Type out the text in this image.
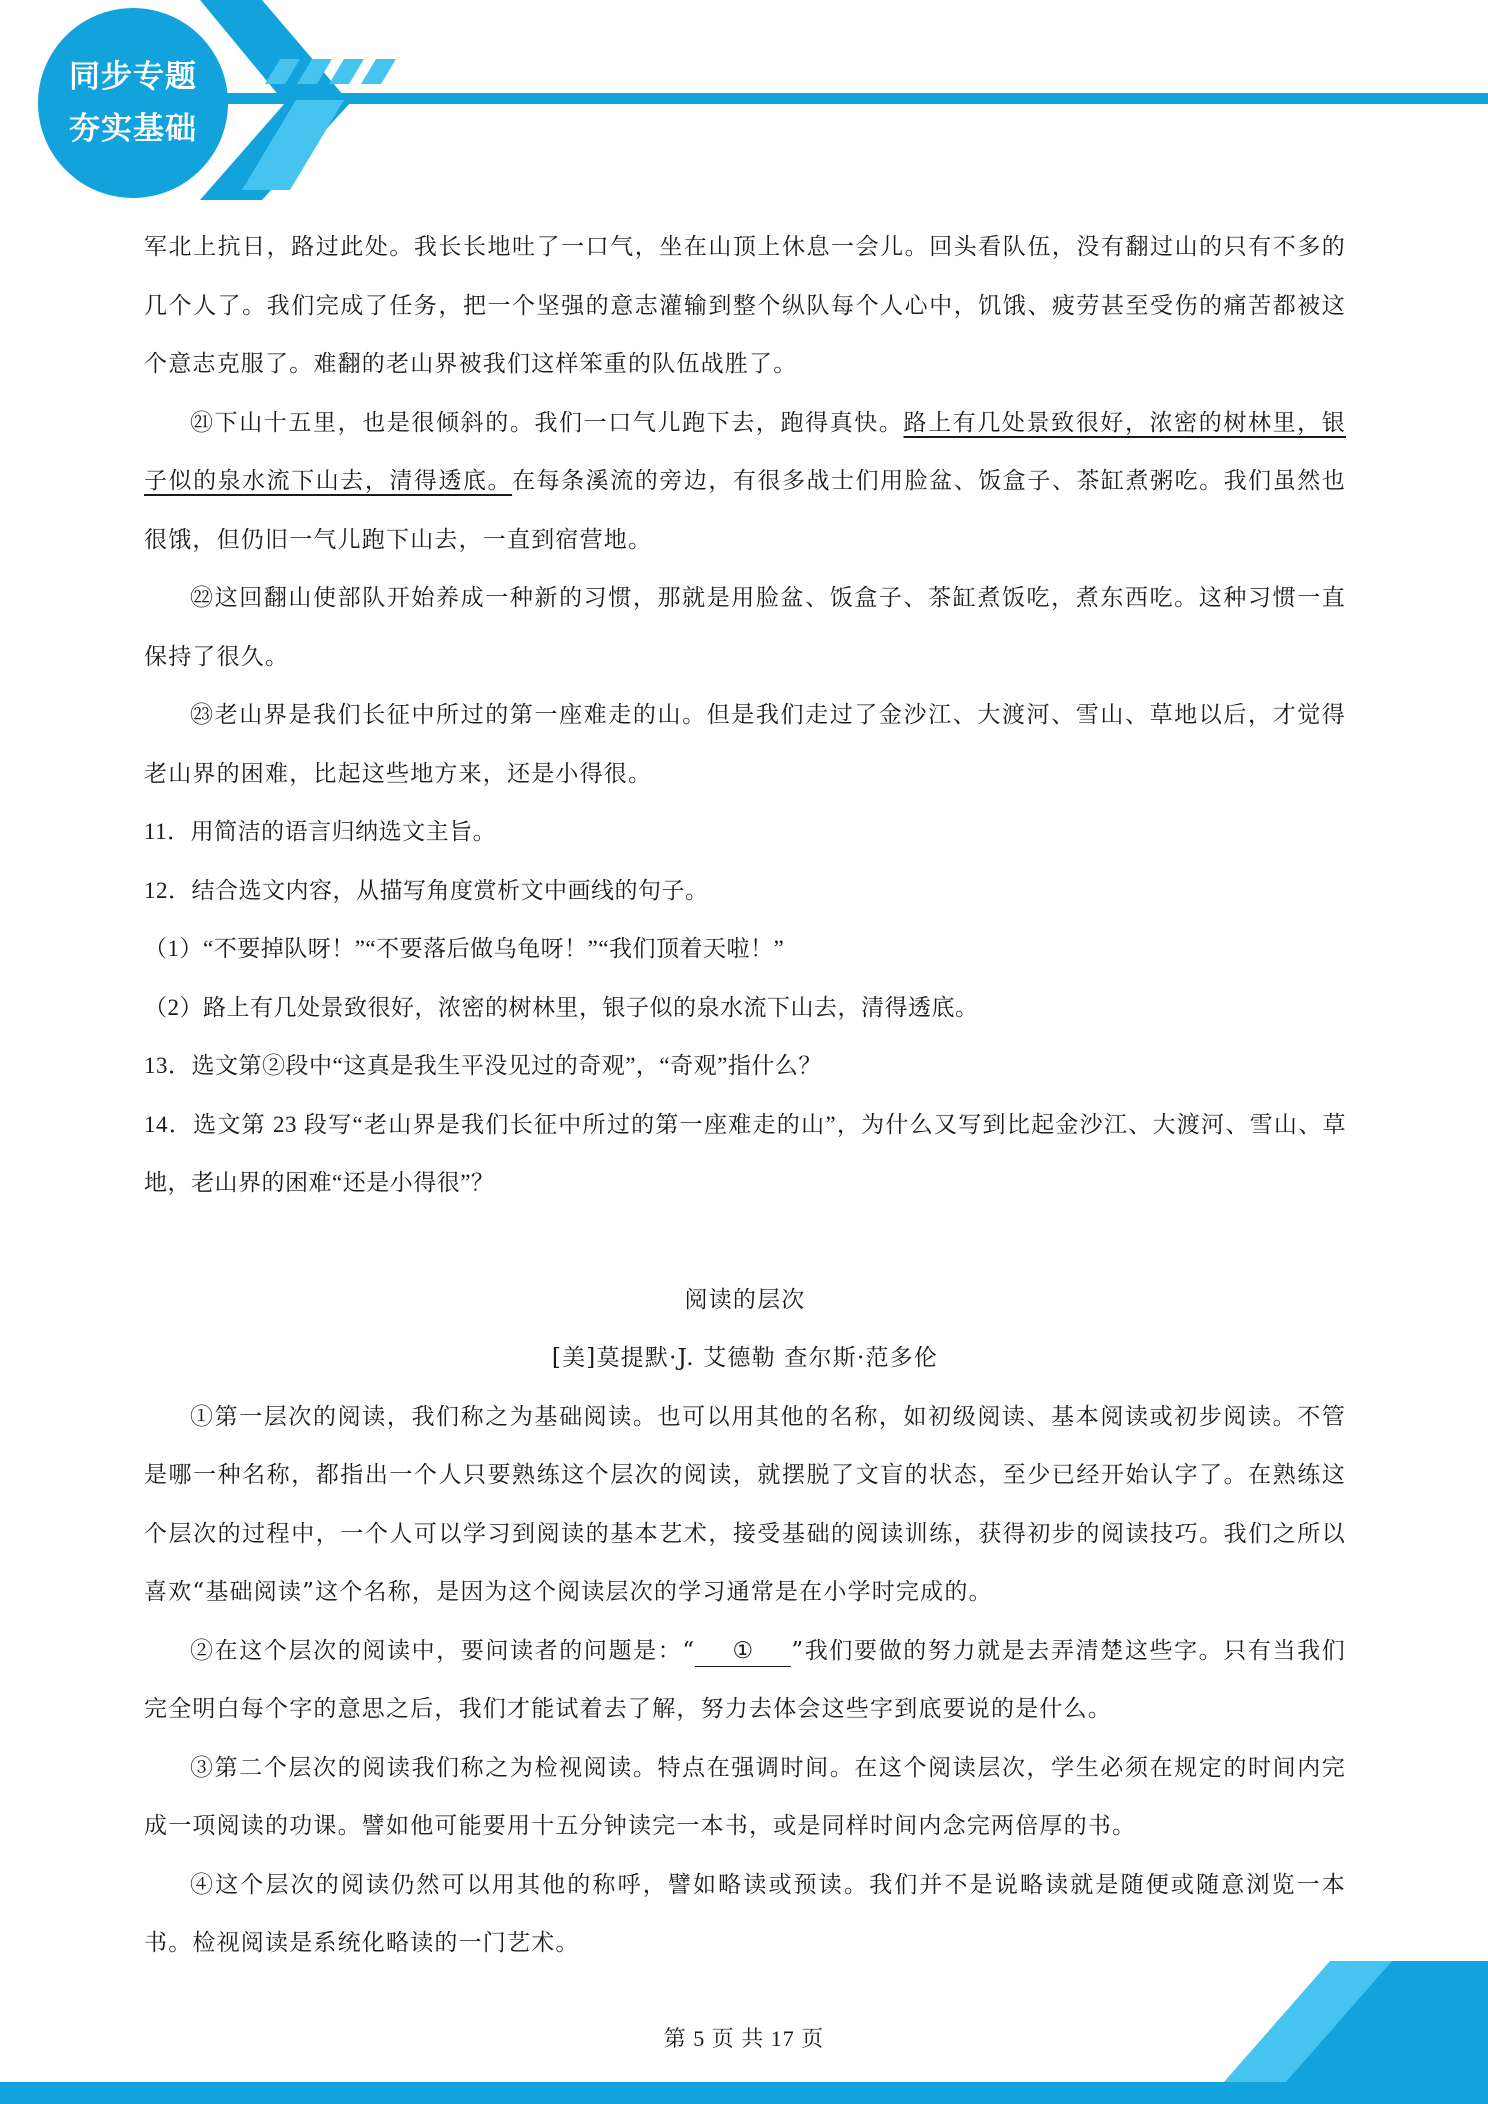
同步专题
夯实基础

军北上抗日，路过此处。我长长地吐了一口气，坐在山顶上休息一会儿。回头看队伍，没有翻过山的只有不多的几个人了。我们完成了任务，把一个坚强的意志灌输到整个纵队每个人心中，饥饿、疲劳甚至受伤的痛苦都被这个意志克服了。难翻的老山界被我们这样笨重的队伍战胜了。

㉑下山十五里，也是很倾斜的。我们一口气儿跑下去，跑得真快。路上有几处景致很好，浓密的树林里，银子似的泉水流下山去，清得透底。在每条溪流的旁边，有很多战士们用脸盆、饭盒子、茶缸煮粥吃。我们虽然也很饿，但仍旧一气儿跑下山去，一直到宿营地。

㉒这回翻山使部队开始养成一种新的习惯，那就是用脸盆、饭盒子、茶缸煮饭吃，煮东西吃。这种习惯一直保持了很久。

㉓老山界是我们长征中所过的第一座难走的山。但是我们走过了金沙江、大渡河、雪山、草地以后，才觉得老山界的困难，比起这些地方来，还是小得很。

11．用简洁的语言归纳选文主旨。

12．结合选文内容，从描写角度赏析文中画线的句子。

（1）“不要掉队呀！”“不要落后做乌龟呀！”“我们顶着天啦！”

（2）路上有几处景致很好，浓密的树林里，银子似的泉水流下山去，清得透底。

13．选文第②段中“这真是我生平没见过的奇观”，“奇观”指什么？

14．选文第 23 段写“老山界是我们长征中所过的第一座难走的山”，为什么又写到比起金沙江、大渡河、雪山、草地，老山界的困难“还是小得很”？

阅读的层次

[美]莫提默·J. 艾德勒 查尔斯·范多伦

①第一层次的阅读，我们称之为基础阅读。也可以用其他的名称，如初级阅读、基本阅读或初步阅读。不管是哪一种名称，都指出一个人只要熟练这个层次的阅读，就摆脱了文盲的状态，至少已经开始认字了。在熟练这个层次的过程中，一个人可以学习到阅读的基本艺术，接受基础的阅读训练，获得初步的阅读技巧。我们之所以喜欢“基础阅读”这个名称，是因为这个阅读层次的学习通常是在小学时完成的。

②在这个层次的阅读中，要问读者的问题是：“ ① ”我们要做的努力就是去弄清楚这些字。只有当我们完全明白每个字的意思之后，我们才能试着去了解，努力去体会这些字到底要说的是什么。

③第二个层次的阅读我们称之为检视阅读。特点在强调时间。在这个阅读层次，学生必须在规定的时间内完成一项阅读的功课。譬如他可能要用十五分钟读完一本书，或是同样时间内念完两倍厚的书。

④这个层次的阅读仍然可以用其他的称呼，譬如略读或预读。我们并不是说略读就是随便或随意浏览一本书。检视阅读是系统化略读的一门艺术。

第 5 页 共 17 页
